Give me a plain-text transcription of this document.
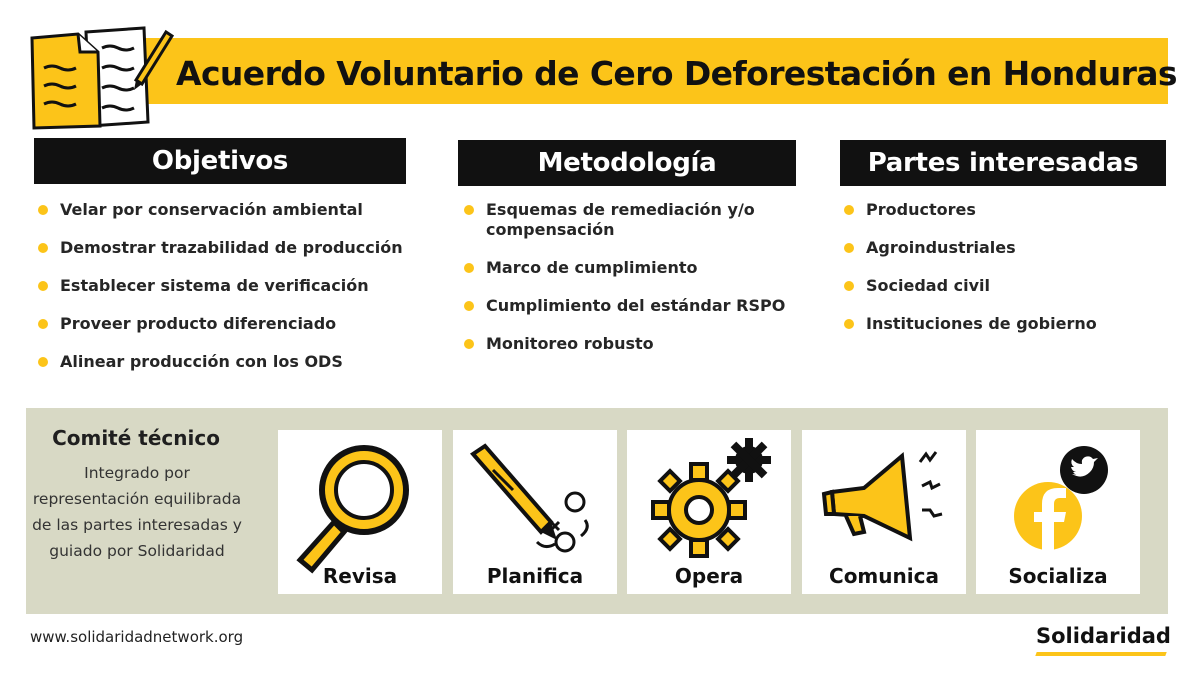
Acuerdo Voluntario de Cero Deforestación en Honduras
Objetivos	Metodología	Partes interesadas
Velar por conservación ambiental
Demostrar trazabilidad de producción
Establecer sistema de verificación
Proveer producto diferenciado
Alinear producción con los ODS
Esquemas de remediación y/o compensación
Marco de cumplimiento
Cumplimiento del estándar RSPO
Monitoreo robusto
Productores
Agroindustriales
Sociedad civil
Instituciones de gobierno
Comité técnico
Integrado por representación equilibrada de las partes interesadas y guiado por Solidaridad
Revisa	Planifica	Opera	Comunica	Socializa
www.solidaridadnetwork.org	Solidaridad
